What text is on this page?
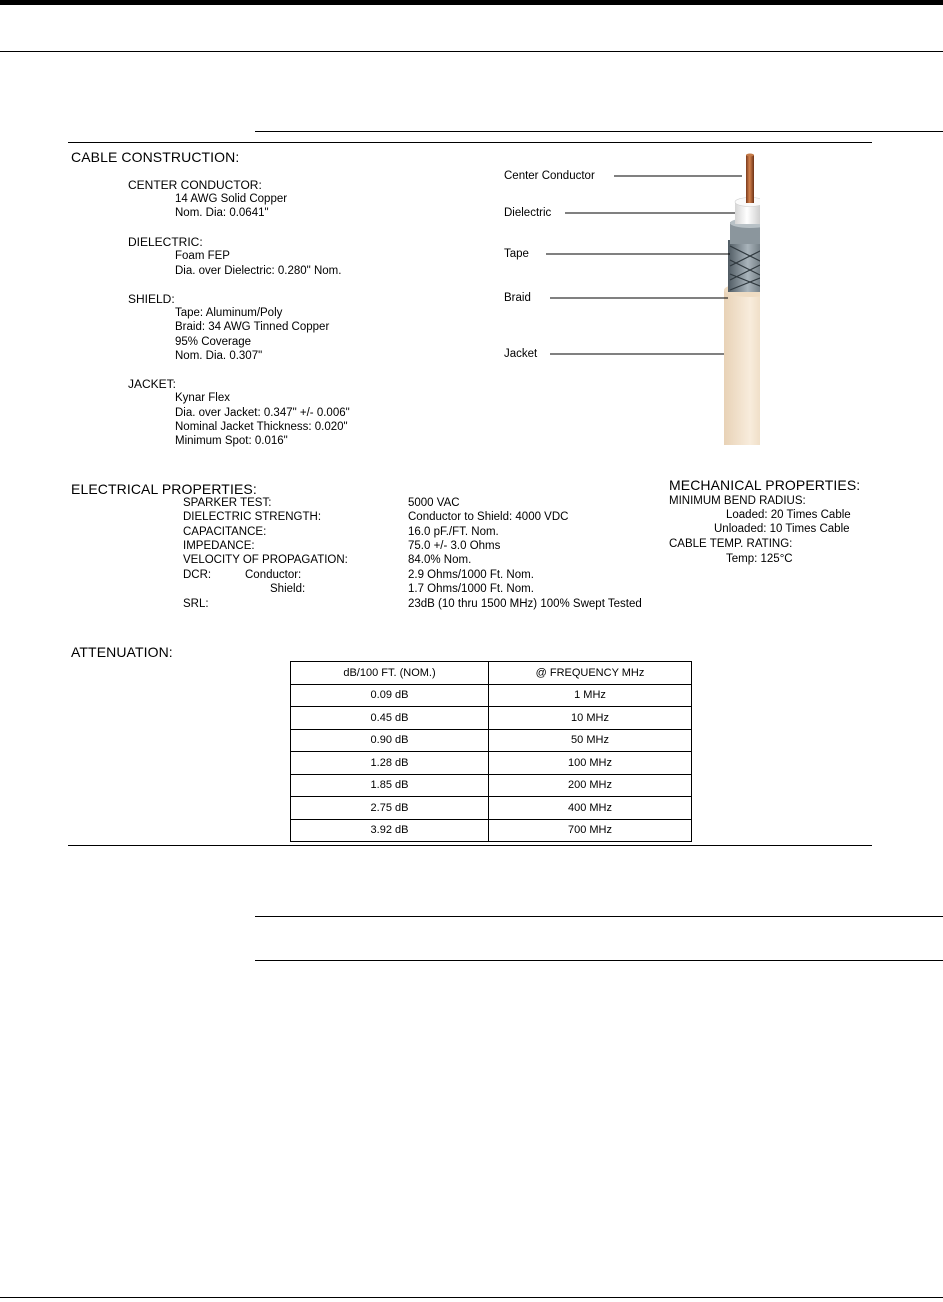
CABLE CONSTRUCTION:
CENTER CONDUCTOR:
14 AWG Solid Copper
Nom. Dia: 0.0641"
DIELECTRIC:
Foam FEP
Dia. over Dielectric: 0.280" Nom.
SHIELD:
Tape: Aluminum/Poly
Braid: 34 AWG Tinned Copper
95% Coverage
Nom. Dia. 0.307"
JACKET:
Kynar Flex
Dia. over Jacket: 0.347" +/- 0.006"
Nominal Jacket Thickness: 0.020"
Minimum Spot: 0.016"
Center Conductor
Dielectric
Tape
Braid
Jacket
ELECTRICAL PROPERTIES:
SPARKER TEST:	5000 VAC
DIELECTRIC STRENGTH:	Conductor to Shield: 4000 VDC
CAPACITANCE:	16.0 pF./FT. Nom.
IMPEDANCE:	75.0 +/- 3.0 Ohms
VELOCITY OF PROPAGATION:	84.0% Nom.
DCR:	Conductor:	2.9 Ohms/1000 Ft. Nom.
Shield:	1.7 Ohms/1000 Ft. Nom.
SRL:	23dB (10 thru 1500 MHz) 100% Swept Tested
MECHANICAL PROPERTIES:
MINIMUM BEND RADIUS:
Loaded: 20 Times Cable
Unloaded: 10 Times Cable
CABLE TEMP. RATING:
Temp: 125°C
ATTENUATION:
dB/100 FT. (NOM.)	@ FREQUENCY MHz
0.09 dB	1 MHz
0.45 dB	10 MHz
0.90 dB	50 MHz
1.28 dB	100 MHz
1.85 dB	200 MHz
2.75 dB	400 MHz
3.92 dB	700 MHz
